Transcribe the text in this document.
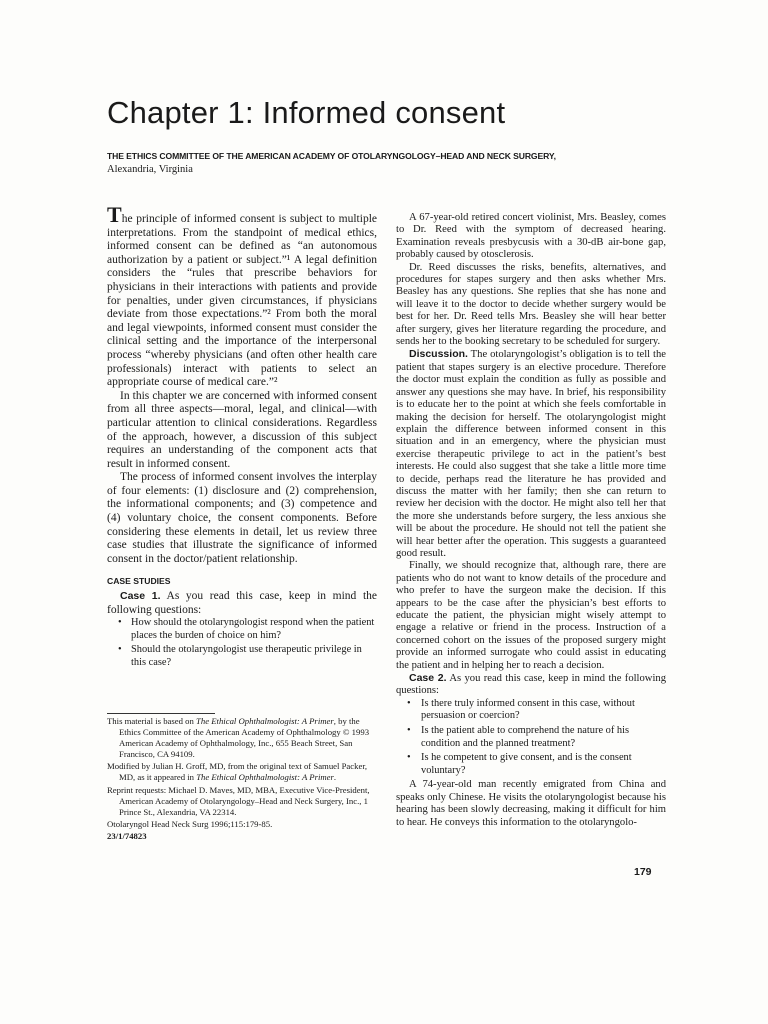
Chapter 1: Informed consent
THE ETHICS COMMITTEE OF THE AMERICAN ACADEMY OF OTOLARYNGOLOGY–HEAD AND NECK SURGERY,
Alexandria, Virginia

The principle of informed consent is subject to multiple interpretations. From the standpoint of medical ethics, informed consent can be defined as “an autonomous authorization by a patient or subject.”¹ A legal definition considers the “rules that prescribe behaviors for physicians in their interactions with patients and provide for penalties, under given circumstances, if physicians deviate from those expectations.”² From both the moral and legal viewpoints, informed consent must consider the clinical setting and the importance of the interpersonal process “whereby physicians (and often other health care professionals) interact with patients to select an appropriate course of medical care.”²

In this chapter we are concerned with informed consent from all three aspects—moral, legal, and clinical—with particular attention to clinical considerations. Regardless of the approach, however, a discussion of this subject requires an understanding of the component acts that result in informed consent.

The process of informed consent involves the interplay of four elements: (1) disclosure and (2) comprehension, the informational components; and (3) competence and (4) voluntary choice, the consent components. Before considering these elements in detail, let us review three case studies that illustrate the significance of informed consent in the doctor/patient relationship.

CASE STUDIES

Case 1. As you read this case, keep in mind the following questions:

• How should the otolaryngologist respond when the patient places the burden of choice on him?
• Should the otolaryngologist use therapeutic privilege in this case?

This material is based on The Ethical Ophthalmologist: A Primer, by the Ethics Committee of the American Academy of Ophthalmology © 1993 American Academy of Ophthalmology, Inc., 655 Beach Street, San Francisco, CA 94109.

Modified by Julian H. Groff, MD, from the original text of Samuel Packer, MD, as it appeared in The Ethical Ophthalmologist: A Primer.

Reprint requests: Michael D. Maves, MD, MBA, Executive Vice-President, American Academy of Otolaryngology–Head and Neck Surgery, Inc., 1 Prince St., Alexandria, VA 22314.

Otolaryngol Head Neck Surg 1996;115:179-85.

23/1/74823

A 67-year-old retired concert violinist, Mrs. Beasley, comes to Dr. Reed with the symptom of decreased hearing. Examination reveals presbycusis with a 30-dB air-bone gap, probably caused by otosclerosis.

Dr. Reed discusses the risks, benefits, alternatives, and procedures for stapes surgery and then asks whether Mrs. Beasley has any questions. She replies that she has none and will leave it to the doctor to decide whether surgery would be best for her. Dr. Reed tells Mrs. Beasley she will hear better after surgery, gives her literature regarding the procedure, and sends her to the booking secretary to be scheduled for surgery.

Discussion. The otolaryngologist’s obligation is to tell the patient that stapes surgery is an elective procedure. Therefore the doctor must explain the condition as fully as possible and answer any questions she may have. In brief, his responsibility is to educate her to the point at which she feels comfortable in making the decision for herself. The otolaryngologist might explain the difference between informed consent in this situation and in an emergency, where the physician must exercise therapeutic privilege to act in the patient’s best interests. He could also suggest that she take a little more time to decide, perhaps read the literature he has provided and discuss the matter with her family; then she can return to review her decision with the doctor. He might also tell her that the more she understands before surgery, the less anxious she will be about the procedure. He should not tell the patient she will hear better after the operation. This suggests a guaranteed good result.

Finally, we should recognize that, although rare, there are patients who do not want to know details of the procedure and who prefer to have the surgeon make the decision. If this appears to be the case after the physician’s best efforts to educate the patient, the physician might wisely attempt to engage a relative or friend in the process. Instruction of a concerned cohort on the issues of the proposed surgery might provide an informed surrogate who could assist in educating the patient and in helping her to reach a decision.

Case 2. As you read this case, keep in mind the following questions:

• Is there truly informed consent in this case, without persuasion or coercion?
• Is the patient able to comprehend the nature of his condition and the planned treatment?
• Is he competent to give consent, and is the consent voluntary?

A 74-year-old man recently emigrated from China and speaks only Chinese. He visits the otolaryngologist because his hearing has been slowly decreasing, making it difficult for him to hear. He conveys this information to the otolaryngolo-

179
